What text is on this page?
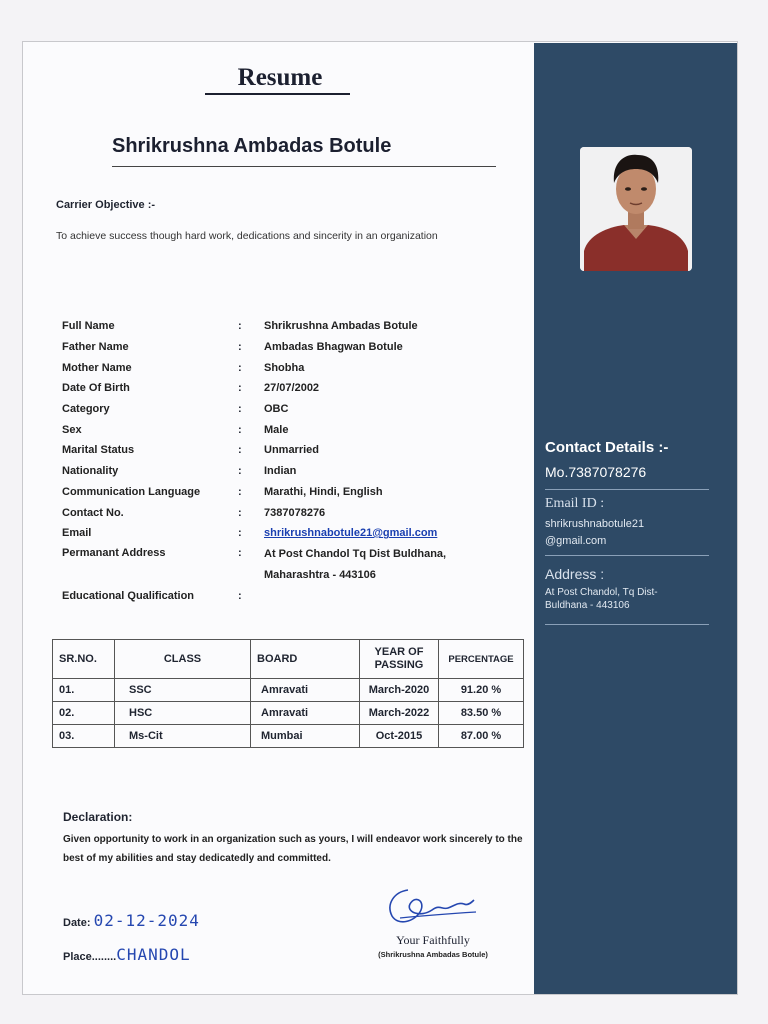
Resume
Shrikrushna Ambadas Botule
Carrier Objective :-
To achieve success though hard work, dedications and sincerity in an organization
Full Name	:	Shrikrushna Ambadas Botule
Father Name	:	Ambadas Bhagwan Botule
Mother Name	:	Shobha
Date Of Birth	:	27/07/2002
Category	:	OBC
Sex	:	Male
Marital Status	:	Unmarried
Nationality	:	Indian
Communication Language	:	Marathi, Hindi, English
Contact No.	:	7387078276
Email	:	shrikrushnabotule21@gmail.com
Permanant Address	:	At Post Chandol Tq Dist Buldhana,
Maharashtra - 443106
Educational Qualification	:
SR.NO.	CLASS	BOARD	YEAR OF PASSING	PERCENTAGE
01.	SSC	Amravati	March-2020	91.20 %
02.	HSC	Amravati	March-2022	83.50 %
03.	Ms-Cit	Mumbai	Oct-2015	87.00 %
Declaration:
Given opportunity to work in an organization such as yours, I will endeavor work sincerely to the best of my abilities and stay dedicatedly and committed.
Date: 02-12-2024
Place........CHANDOL
Your Faithfully
(Shrikrushna Ambadas Botule)
Contact Details :-
Mo.7387078276
Email ID :
shrikrushnabotule21
@gmail.com
Address :
At Post Chandol, Tq Dist-
Buldhana - 443106
